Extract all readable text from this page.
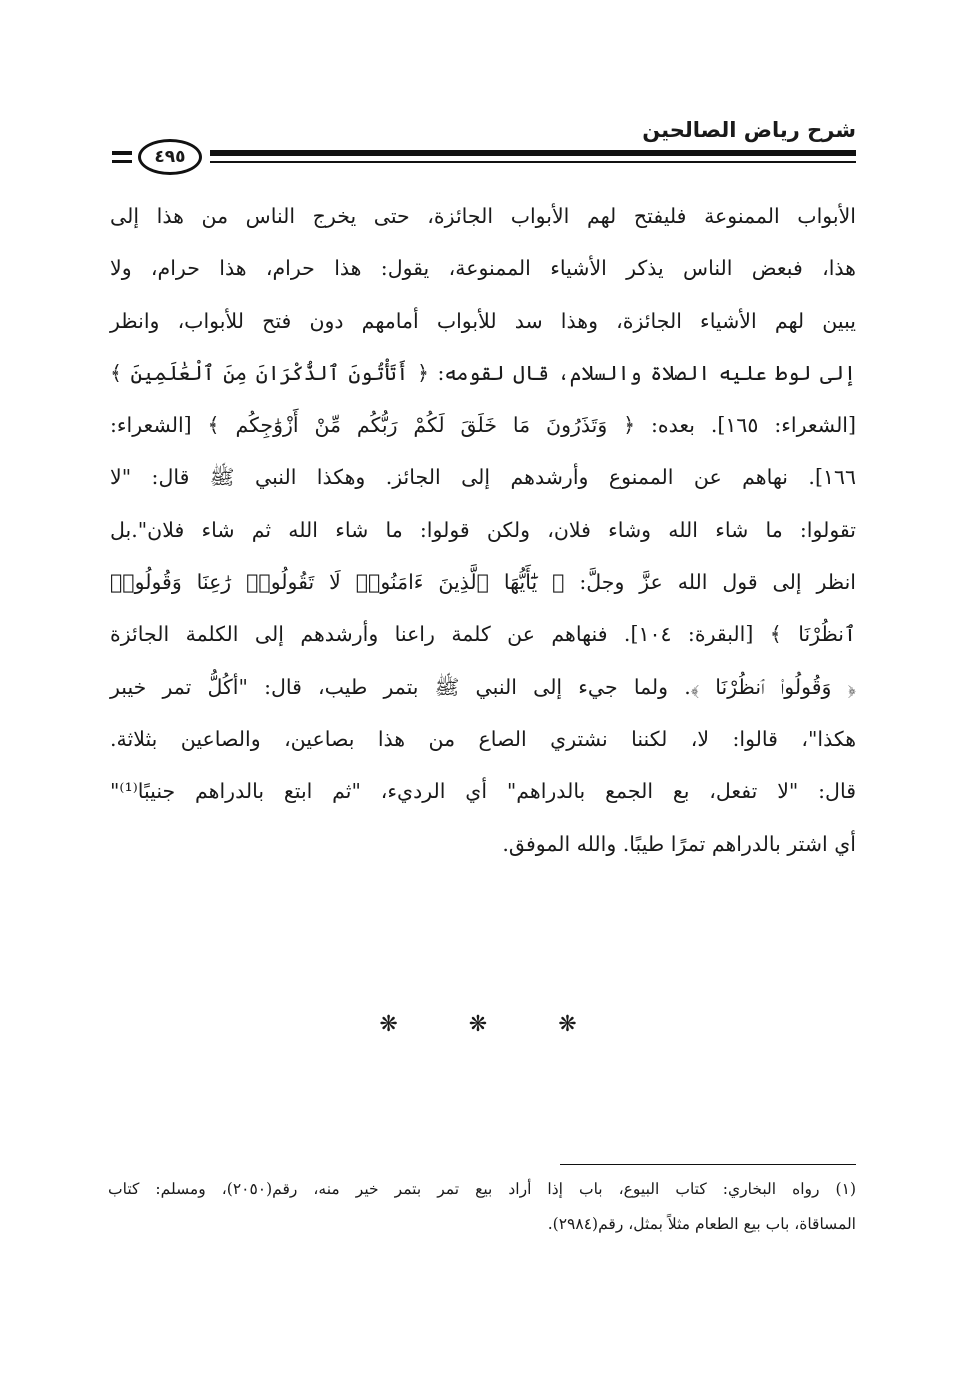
شرح رياض الصالحين
٤٩٥
الأبواب الممنوعة فليفتح لهم الأبواب الجائزة، حتى يخرج الناس من هذا إلى
هذا، فبعض الناس يذكر الأشياء الممنوعة، يقول: هذا حرام، هذا حرام، ولا
يبين لهم الأشياء الجائزة، وهذا سد للأبواب أمامهم دون فتح للأبواب، وانظر
إلى لوط عليه الصلاة والسلام، قال لقومه: ﴿ أَتَأْتُونَ ٱلذُّكْرَانَ مِنَ ٱلْعَٰلَمِينَ ﴾
[الشعراء: ١٦٥]. بعده: ﴿ وَتَذَرُونَ مَا خَلَقَ لَكُمْ رَبُّكُم مِّنْ أَزْوَٰجِكُم ﴾ [الشعراء:
١٦٦]. نهاهم عن الممنوع وأرشدهم إلى الجائز. وهكذا النبي ﷺ قال: "لا
تقولوا: ما شاء الله وشاء فلان، ولكن قولوا: ما شاء الله ثم شاء فلان".بل
انظر إلى قول الله عزَّ وجلَّ: ﴿ يَٰٓأَيُّهَا ٱلَّذِينَ ءَامَنُوا۟ لَا تَقُولُوا۟ رَٰعِنَا وَقُولُوا۟
ٱنظُرْنَا ﴾ [البقرة: ١٠٤]. فنهاهم عن كلمة راعنا وأرشدهم إلى الكلمة الجائزة
﴿ وَقُولُوا۟ ٱنظُرْنَا ﴾. ولما جيء إلى النبي ﷺ بتمر طيب، قال: "أكُلُّ تمر خيبر
هكذا"، قالوا: لا، لكننا نشتري الصاع من هذا بصاعين، والصاعين بثلاثة.
قال: "لا تفعل، بع الجمع بالدراهم" أي الرديء، "ثم ابتع بالدراهم جنيبًا⁽¹⁾"
أي اشتر بالدراهم تمرًا طيبًا. والله الموفق.
❋ ❋ ❋
(١) رواه البخاري: كتاب البيوع، باب إذا أراد بيع تمر بتمر خير منه، رقم(٢٠٥٠)، ومسلم: كتاب
المساقاة، باب بيع الطعام مثلاً بمثل، رقم(٢٩٨٤).
